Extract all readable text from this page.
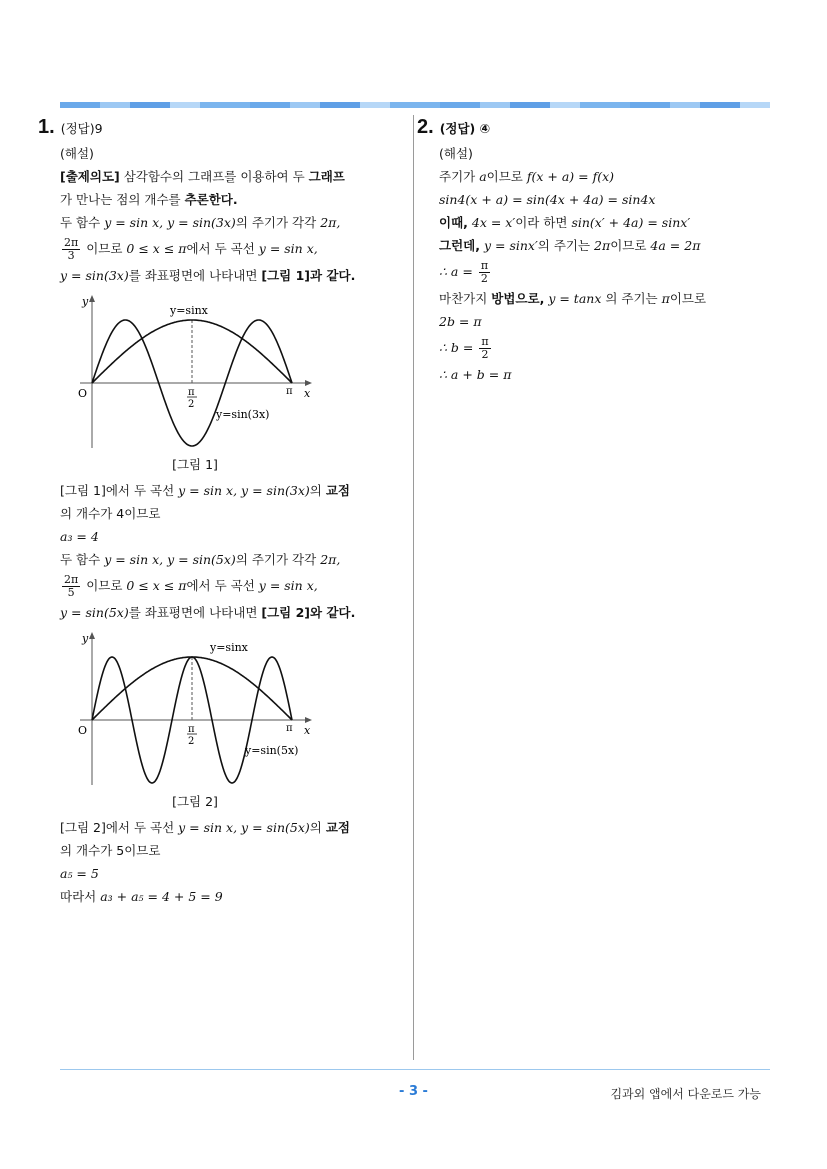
1. (정답)9
(해설)
[출제의도] 삼각함수의 그래프를 이용하여 두 그래프
가 만나는 점의 개수를 추론한다.
두 함수 y = sin x, y = sin(3x)의 주기가 각각 2π,
$\frac{2\pi}{3}$ 이므로 0 ≤ x ≤ π에서 두 곡선 y = sin x,
y = sin(3x)를 좌표평면에 나타내면 [그림 1]과 같다.
y
O	x
π
π
2
y=sinx
y=sin(3x)
[그림 1]
[그림 1]에서 두 곡선 y = sin x, y = sin(3x)의 교점
의 개수가 4이므로
a₃ = 4
두 함수 y = sin x, y = sin(5x)의 주기가 각각 2π,
$\frac{2\pi}{5}$ 이므로 0 ≤ x ≤ π에서 두 곡선 y = sin x,
y = sin(5x)를 좌표평면에 나타내면 [그림 2]와 같다.
y
O	x
π
π
2
y=sinx
y=sin(5x)
[그림 2]
[그림 2]에서 두 곡선 y = sin x, y = sin(5x)의 교점
의 개수가 5이므로
a₅ = 5
따라서 a₃ + a₅ = 4 + 5 = 9
2. (정답) ④
(해설)
주기가 a이므로 f(x + a) = f(x)
sin4(x + a) = sin(4x + 4a) = sin4x
이때, 4x = x′이라 하면 sin(x′ + 4a) = sinx′
그런데, y = sinx′의 주기는 2π이므로 4a = 2π
∴ $a = \frac{\pi}{2}$
마찬가지 방법으로, y = tanx 의 주기는 π이므로
2b = π
∴ $b = \frac{\pi}{2}$
∴ a + b = π
- 3 -	김과외 앱에서 다운로드 가능
